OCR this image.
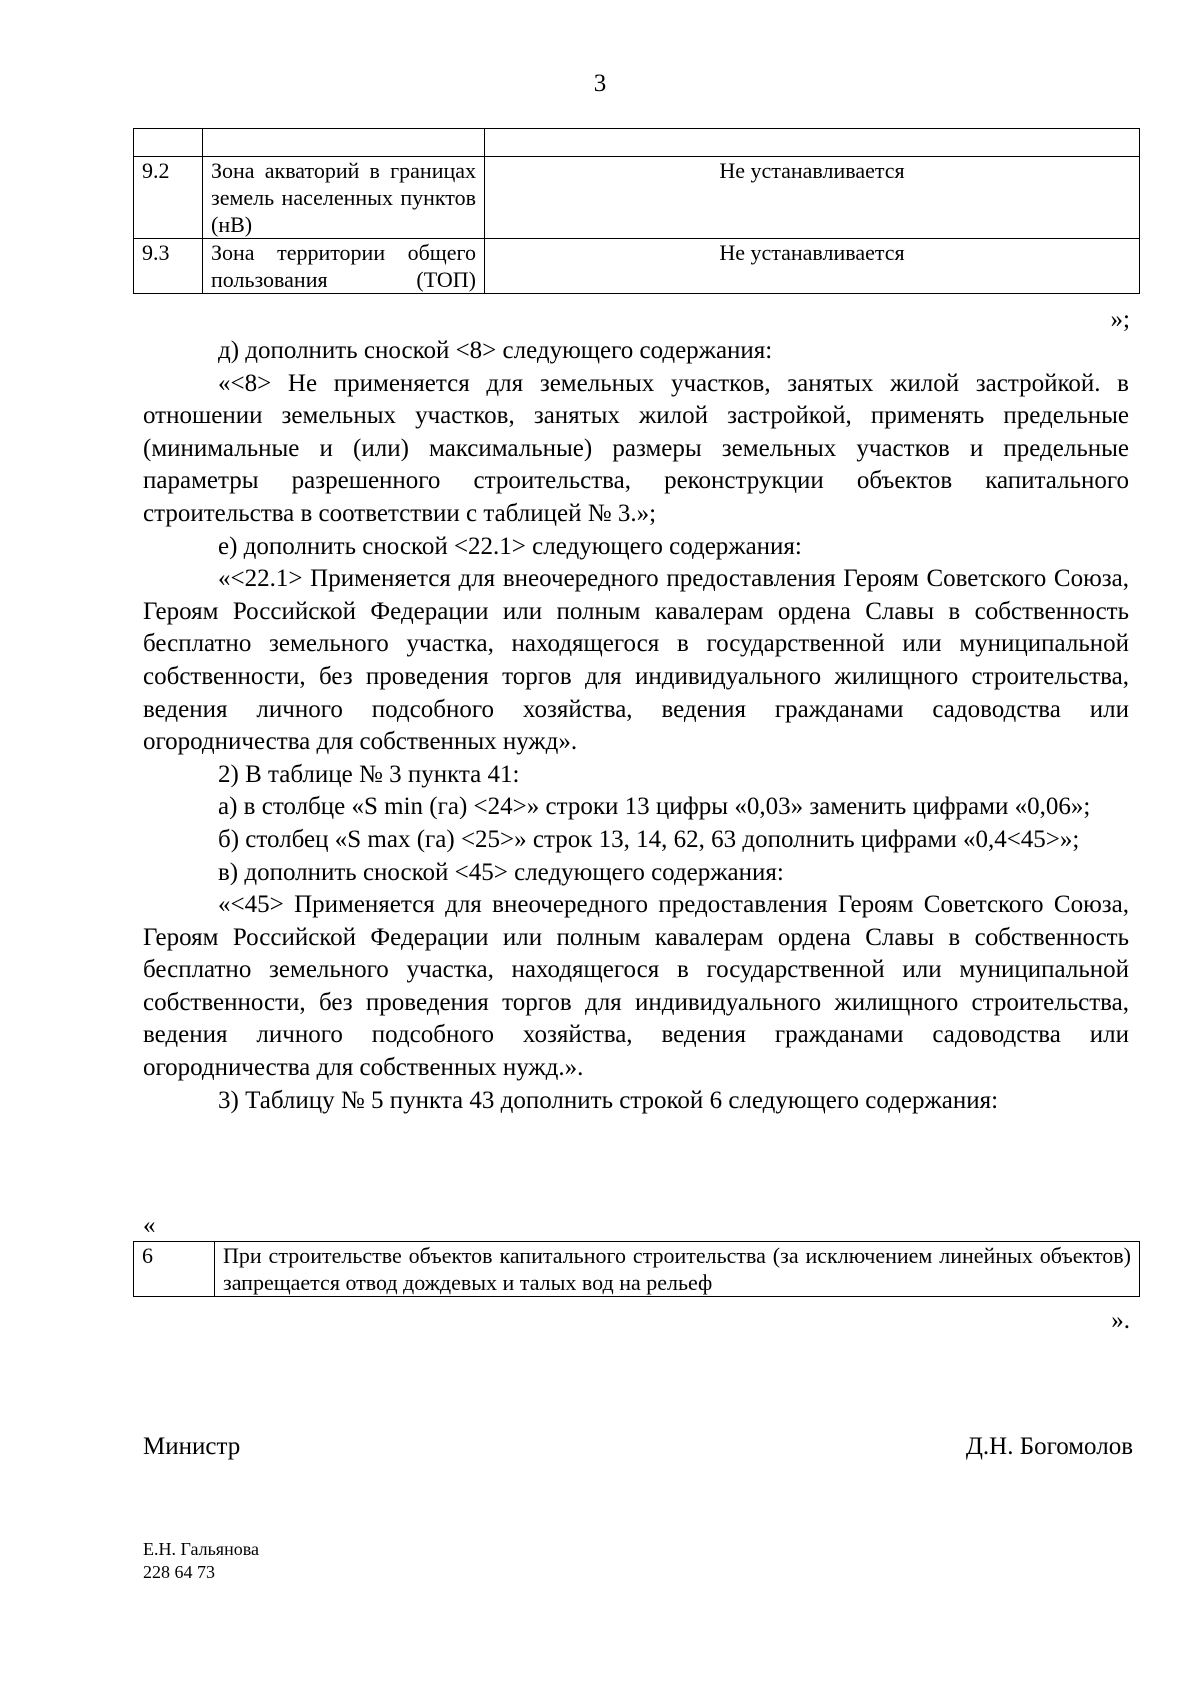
3

9.2	Зона акваторий в границах земель населенных пунктов (нВ)	Не устанавливается
9.3	Зона территории общего пользования (ТОП)	Не устанавливается
»;

д) дополнить сноской <8> следующего содержания:

«<8> Не применяется для земельных участков, занятых жилой застройкой. в отношении земельных участков, занятых жилой застройкой, применять предельные (минимальные и (или) максимальные) размеры земельных участков и предельные параметры разрешенного строительства, реконструкции объектов капитального строительства в соответствии с таблицей № 3.»;

е) дополнить сноской <22.1> следующего содержания:

«<22.1> Применяется для внеочередного предоставления Героям Советского Союза, Героям Российской Федерации или полным кавалерам ордена Славы в собственность бесплатно земельного участка, находящегося в государственной или муниципальной собственности, без проведения торгов для индивидуального жилищного строительства, ведения личного подсобного хозяйства, ведения гражданами садоводства или огородничества для собственных нужд».

2) В таблице № 3 пункта 41:

а) в столбце «S min (га) <24>» строки 13 цифры «0,03» заменить цифрами «0,06»;

б) столбец «S max (га) <25>» строк 13, 14, 62, 63 дополнить цифрами «0,4<45>»;

в) дополнить сноской <45> следующего содержания:

«<45> Применяется для внеочередного предоставления Героям Советского Союза, Героям Российской Федерации или полным кавалерам ордена Славы в собственность бесплатно земельного участка, находящегося в государственной или муниципальной собственности, без проведения торгов для индивидуального жилищного строительства, ведения личного подсобного хозяйства, ведения гражданами садоводства или огородничества для собственных нужд.».

3) Таблицу № 5 пункта 43 дополнить строкой 6 следующего содержания:

«
6	При строительстве объектов капитального строительства (за исключением линейных объектов) запрещается отвод дождевых и талых вод на рельеф
».
Министр	Д.Н. Богомолов
Е.Н. Гальянова
228 64 73
